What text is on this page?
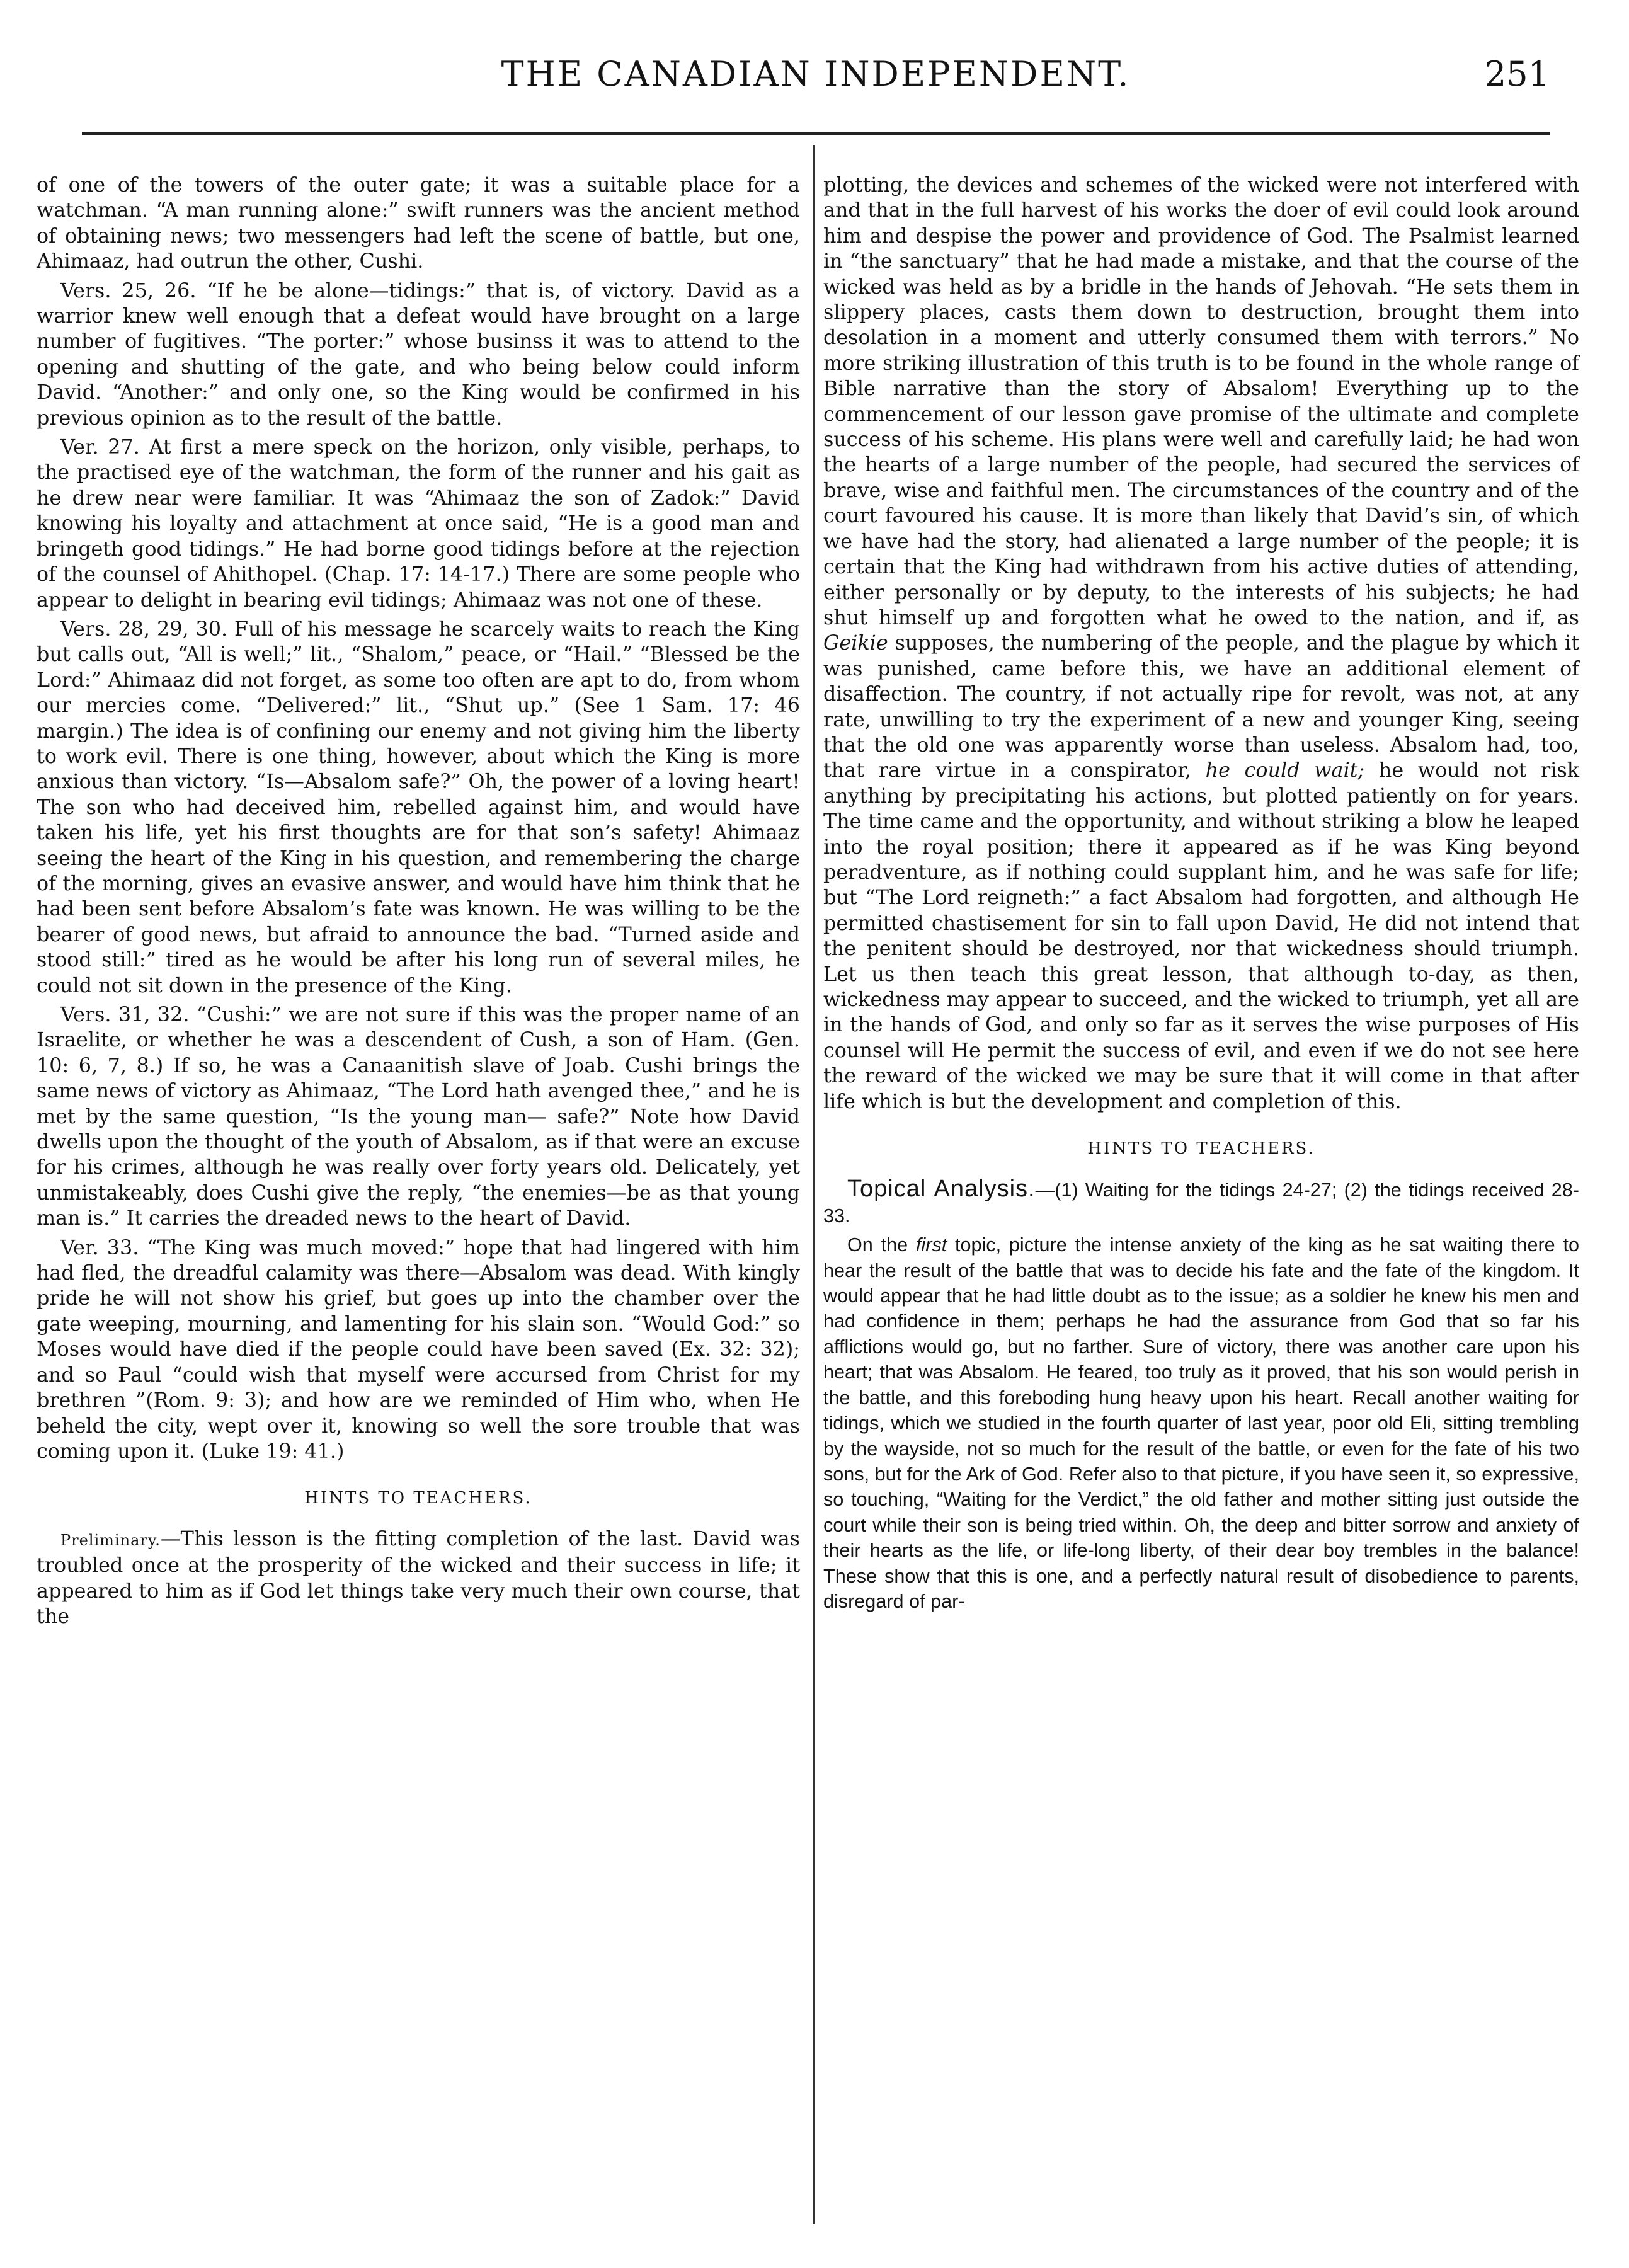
THE CANADIAN INDEPENDENT.	251

of one of the towers of the outer gate; it was a suitable place for a watchman. “A man running alone:” swift runners was the ancient method of obtaining news; two messengers had left the scene of battle, but one, Ahimaaz, had outrun the other, Cushi.

Vers. 25, 26. “If he be alone—tidings:” that is, of victory. David as a warrior knew well enough that a defeat would have brought on a large number of fugitives. “The porter:” whose businss it was to attend to the opening and shutting of the gate, and who being below could inform David. “Another:” and only one, so the King would be confirmed in his previous opinion as to the result of the battle.

Ver. 27. At first a mere speck on the horizon, only visible, perhaps, to the practised eye of the watchman, the form of the runner and his gait as he drew near were familiar. It was “Ahimaaz the son of Zadok:” David knowing his loyalty and attachment at once said, “He is a good man and bringeth good tidings.” He had borne good tidings before at the rejection of the counsel of Ahithopel. (Chap. 17: 14-17.) There are some people who appear to delight in bearing evil tidings; Ahimaaz was not one of these.

Vers. 28, 29, 30. Full of his message he scarcely waits to reach the King but calls out, “All is well;” lit., “Shalom,” peace, or “Hail.” “Blessed be the Lord:” Ahimaaz did not forget, as some too often are apt to do, from whom our mercies come. “Delivered:” lit., “Shut up.” (See 1 Sam. 17: 46 margin.) The idea is of confining our enemy and not giving him the liberty to work evil. There is one thing, however, about which the King is more anxious than victory. “Is—Absalom safe?” Oh, the power of a loving heart! The son who had deceived him, rebelled against him, and would have taken his life, yet his first thoughts are for that son’s safety! Ahimaaz seeing the heart of the King in his question, and remembering the charge of the morning, gives an evasive answer, and would have him think that he had been sent before Absalom’s fate was known. He was willing to be the bearer of good news, but afraid to announce the bad. “Turned aside and stood still:” tired as he would be after his long run of several miles, he could not sit down in the presence of the King.

Vers. 31, 32. “Cushi:” we are not sure if this was the proper name of an Israelite, or whether he was a descendent of Cush, a son of Ham. (Gen. 10: 6, 7, 8.) If so, he was a Canaanitish slave of Joab. Cushi brings the same news of victory as Ahimaaz, “The Lord hath avenged thee,” and he is met by the same question, “Is the young man— safe?” Note how David dwells upon the thought of the youth of Absalom, as if that were an excuse for his crimes, although he was really over forty years old. Delicately, yet unmistakeably, does Cushi give the reply, “the enemies—be as that young man is.” It carries the dreaded news to the heart of David.

Ver. 33. “The King was much moved:” hope that had lingered with him had fled, the dreadful calamity was there—Absalom was dead. With kingly pride he will not show his grief, but goes up into the chamber over the gate weeping, mourning, and lamenting for his slain son. “Would God:” so Moses would have died if the people could have been saved (Ex. 32: 32); and so Paul “could wish that myself were accursed from Christ for my brethren ”(Rom. 9: 3); and how are we reminded of Him who, when He beheld the city, wept over it, knowing so well the sore trouble that was coming upon it. (Luke 19: 41.)

HINTS TO TEACHERS.

Preliminary.—This lesson is the fitting completion of the last. David was troubled once at the prosperity of the wicked and their success in life; it appeared to him as if God let things take very much their own course, that the

plotting, the devices and schemes of the wicked were not interfered with and that in the full harvest of his works the doer of evil could look around him and despise the power and providence of God. The Psalmist learned in “the sanctuary” that he had made a mistake, and that the course of the wicked was held as by a bridle in the hands of Jehovah. “He sets them in slippery places, casts them down to destruction, brought them into desolation in a moment and utterly consumed them with terrors.” No more striking illustration of this truth is to be found in the whole range of Bible narrative than the story of Absalom! Everything up to the commencement of our lesson gave promise of the ultimate and complete success of his scheme. His plans were well and carefully laid; he had won the hearts of a large number of the people, had secured the services of brave, wise and faithful men. The circumstances of the country and of the court favoured his cause. It is more than likely that David’s sin, of which we have had the story, had alienated a large number of the people; it is certain that the King had withdrawn from his active duties of attending, either personally or by deputy, to the interests of his subjects; he had shut himself up and forgotten what he owed to the nation, and if, as Geikie supposes, the numbering of the people, and the plague by which it was punished, came before this, we have an additional element of disaffection. The country, if not actually ripe for revolt, was not, at any rate, unwilling to try the experiment of a new and younger King, seeing that the old one was apparently worse than useless. Absalom had, too, that rare virtue in a conspirator, he could wait; he would not risk anything by precipitating his actions, but plotted patiently on for years. The time came and the opportunity, and without striking a blow he leaped into the royal position; there it appeared as if he was King beyond peradventure, as if nothing could supplant him, and he was safe for life; but “The Lord reigneth:” a fact Absalom had forgotten, and although He permitted chastisement for sin to fall upon David, He did not intend that the penitent should be destroyed, nor that wickedness should triumph. Let us then teach this great lesson, that although to-day, as then, wickedness may appear to succeed, and the wicked to triumph, yet all are in the hands of God, and only so far as it serves the wise purposes of His counsel will He permit the success of evil, and even if we do not see here the reward of the wicked we may be sure that it will come in that after life which is but the development and completion of this.

HINTS TO TEACHERS.

Topical Analysis.—(1) Waiting for the tidings 24-27; (2) the tidings received 28-33.

On the first topic, picture the intense anxiety of the king as he sat waiting there to hear the result of the battle that was to decide his fate and the fate of the kingdom. It would appear that he had little doubt as to the issue; as a soldier he knew his men and had confidence in them; perhaps he had the assurance from God that so far his afflictions would go, but no farther. Sure of victory, there was another care upon his heart; that was Absalom. He feared, too truly as it proved, that his son would perish in the battle, and this foreboding hung heavy upon his heart. Recall another waiting for tidings, which we studied in the fourth quarter of last year, poor old Eli, sitting trembling by the wayside, not so much for the result of the battle, or even for the fate of his two sons, but for the Ark of God. Refer also to that picture, if you have seen it, so expressive, so touching, “Waiting for the Verdict,” the old father and mother sitting just outside the court while their son is being tried within. Oh, the deep and bitter sorrow and anxiety of their hearts as the life, or life-long liberty, of their dear boy trembles in the balance! These show that this is one, and a perfectly natural result of disobedience to parents, disregard of par-
